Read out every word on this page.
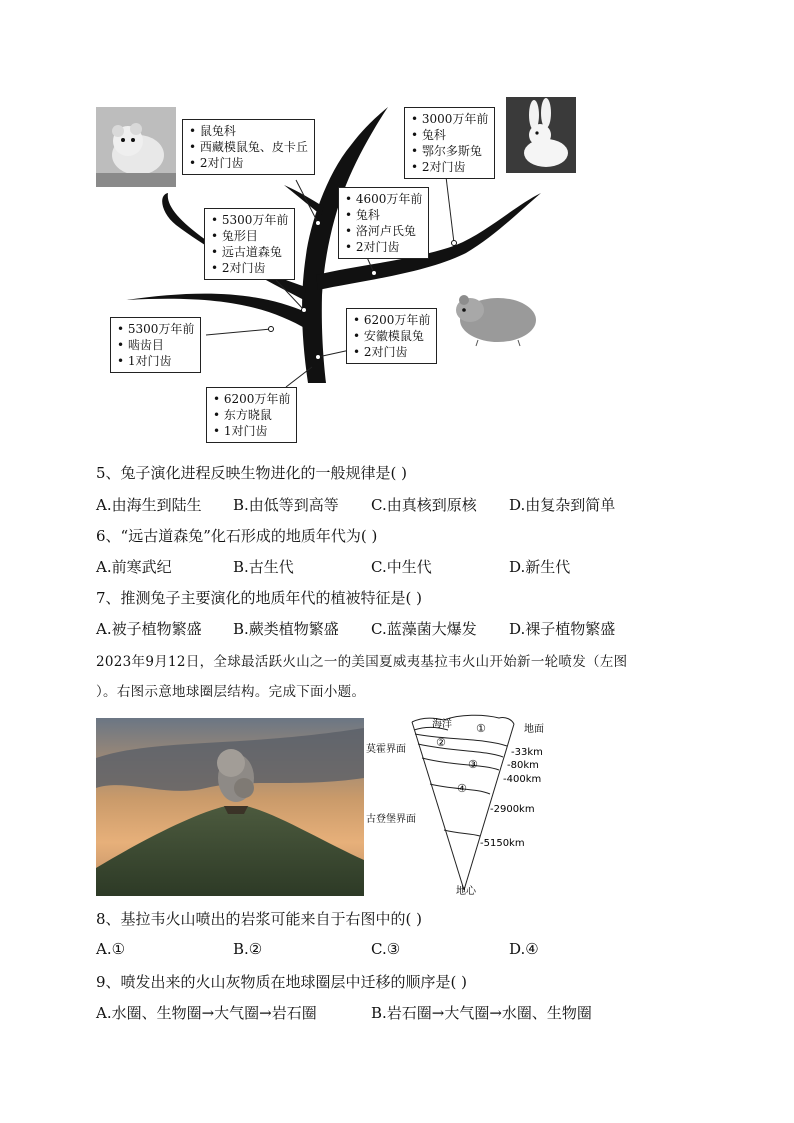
• 鼠兔科
• 西藏模鼠兔、皮卡丘
• 2对门齿
• 3000万年前
• 兔科
• 鄂尔多斯兔
• 2对门齿
• 4600万年前
• 兔科
• 洛河卢氏兔
• 2对门齿
• 5300万年前
• 兔形目
• 远古道森兔
• 2对门齿
• 5300万年前
• 啮齿目
• 1对门齿
• 6200万年前
• 安徽模鼠兔
• 2对门齿
• 6200万年前
• 东方晓鼠
• 1对门齿
5、兔子演化进程反映生物进化的一般规律是( )
A.由海生到陆生 B.由低等到高等 C.由真核到原核 D.由复杂到简单
6、“远古道森兔”化石形成的地质年代为( )
A.前寒武纪	B.古生代	C.中生代	D.新生代
7、推测兔子主要演化的地质年代的植被特征是( )
A.被子植物繁盛 B.蕨类植物繁盛 C.蓝藻菌大爆发 D.裸子植物繁盛
2023年9月12日，全球最活跃火山之一的美国夏威夷基拉韦火山开始新一轮喷发（左图
）。右图示意地球圈层结构。完成下面小题。
海洋 ①	地面
②
莫霍界面	-33km
③	-80km
-400km
④
-2900km
古登堡界面
-5150km
地心
8、基拉韦火山喷出的岩浆可能来自于右图中的( )
A.①	B.②	C.③	D.④
9、喷发出来的火山灰物质在地球圈层中迁移的顺序是( )
A.水圈、生物圈→大气圈→岩石圈	B.岩石圈→大气圈→水圈、生物圈
